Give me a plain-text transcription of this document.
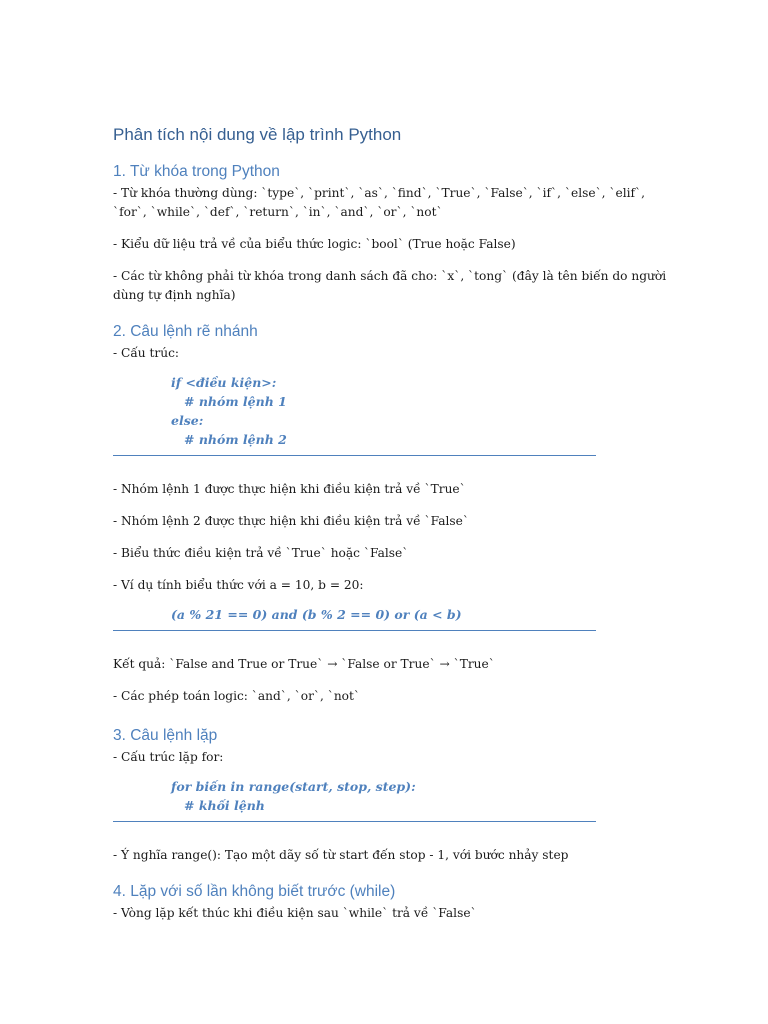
Phân tích nội dung về lập trình Python
1. Từ khóa trong Python

- Từ khóa thường dùng: `type`, `print`, `as`, `find`, `True`, `False`, `if`, `else`, `elif`, `for`, `while`, `def`, `return`, `in`, `and`, `or`, `not`

- Kiểu dữ liệu trả về của biểu thức logic: `bool` (True hoặc False)

- Các từ không phải từ khóa trong danh sách đã cho: `x`, `tong` (đây là tên biến do người dùng tự định nghĩa)

2. Câu lệnh rẽ nhánh

- Cấu trúc:

if <điều kiện>:
# nhóm lệnh 1
else:
# nhóm lệnh 2

- Nhóm lệnh 1 được thực hiện khi điều kiện trả về `True`

- Nhóm lệnh 2 được thực hiện khi điều kiện trả về `False`

- Biểu thức điều kiện trả về `True` hoặc `False`

- Ví dụ tính biểu thức với a = 10, b = 20:

(a % 21 == 0) and (b % 2 == 0) or (a < b)

Kết quả: `False and True or True` → `False or True` → `True`

- Các phép toán logic: `and`, `or`, `not`

3. Câu lệnh lặp

- Cấu trúc lặp for:

for biến in range(start, stop, step):
# khối lệnh

- Ý nghĩa range(): Tạo một dãy số từ start đến stop - 1, với bước nhảy step

4. Lặp với số lần không biết trước (while)

- Vòng lặp kết thúc khi điều kiện sau `while` trả về `False`
